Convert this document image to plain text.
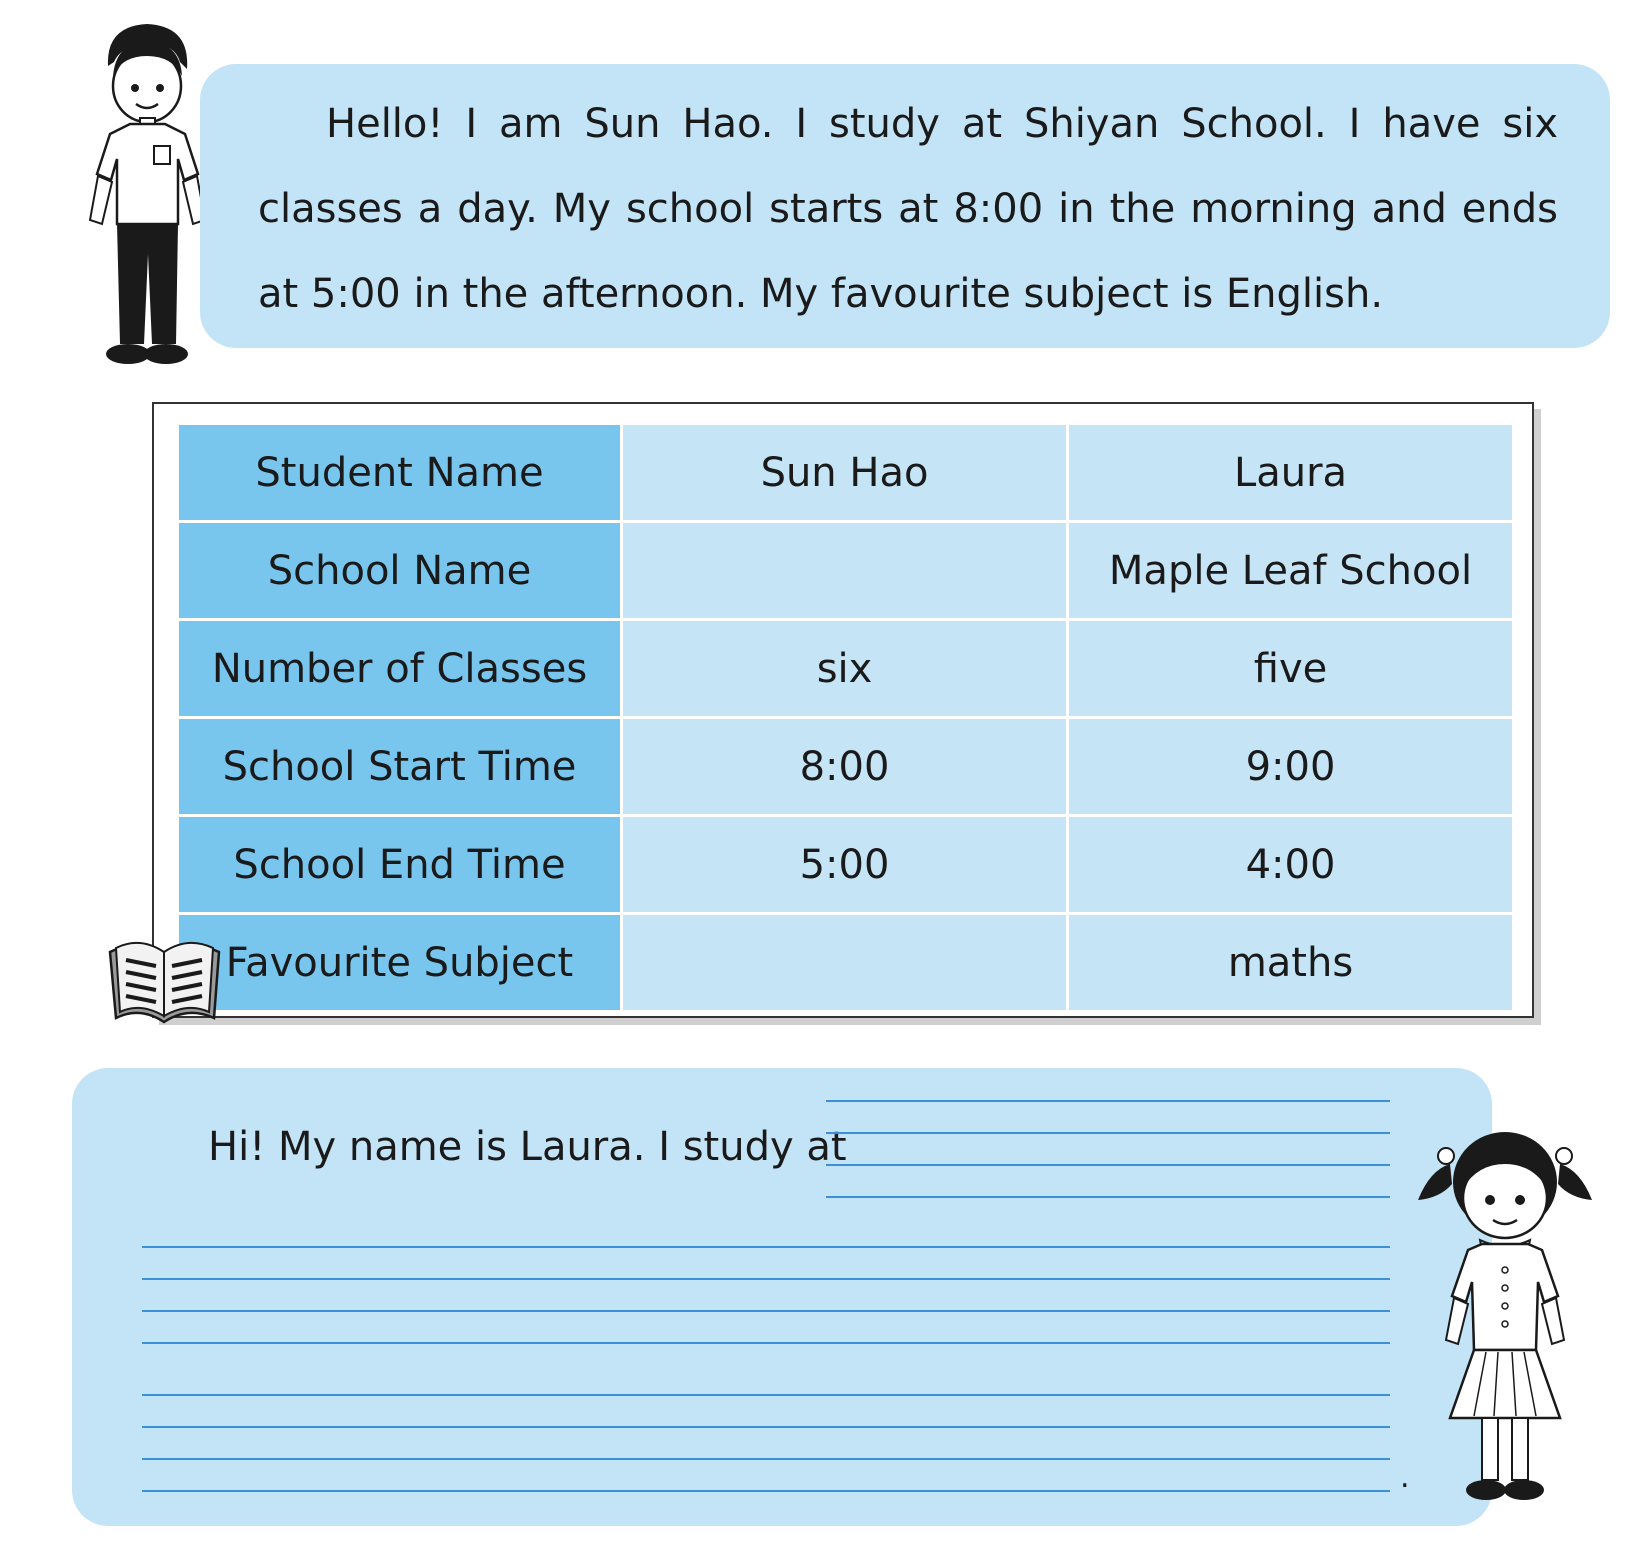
Hello! I am Sun Hao. I study at Shiyan School. I have six classes a day. My school starts at 8:00 in the morning and ends at 5:00 in the afternoon. My favourite subject is English.

Student Name	Sun Hao	Laura
School Name		Maple Leaf School
Number of Classes	six	five
School Start Time	8:00	9:00
School End Time	5:00	4:00
Favourite Subject		maths

Hi! My name is Laura. I study at

.
